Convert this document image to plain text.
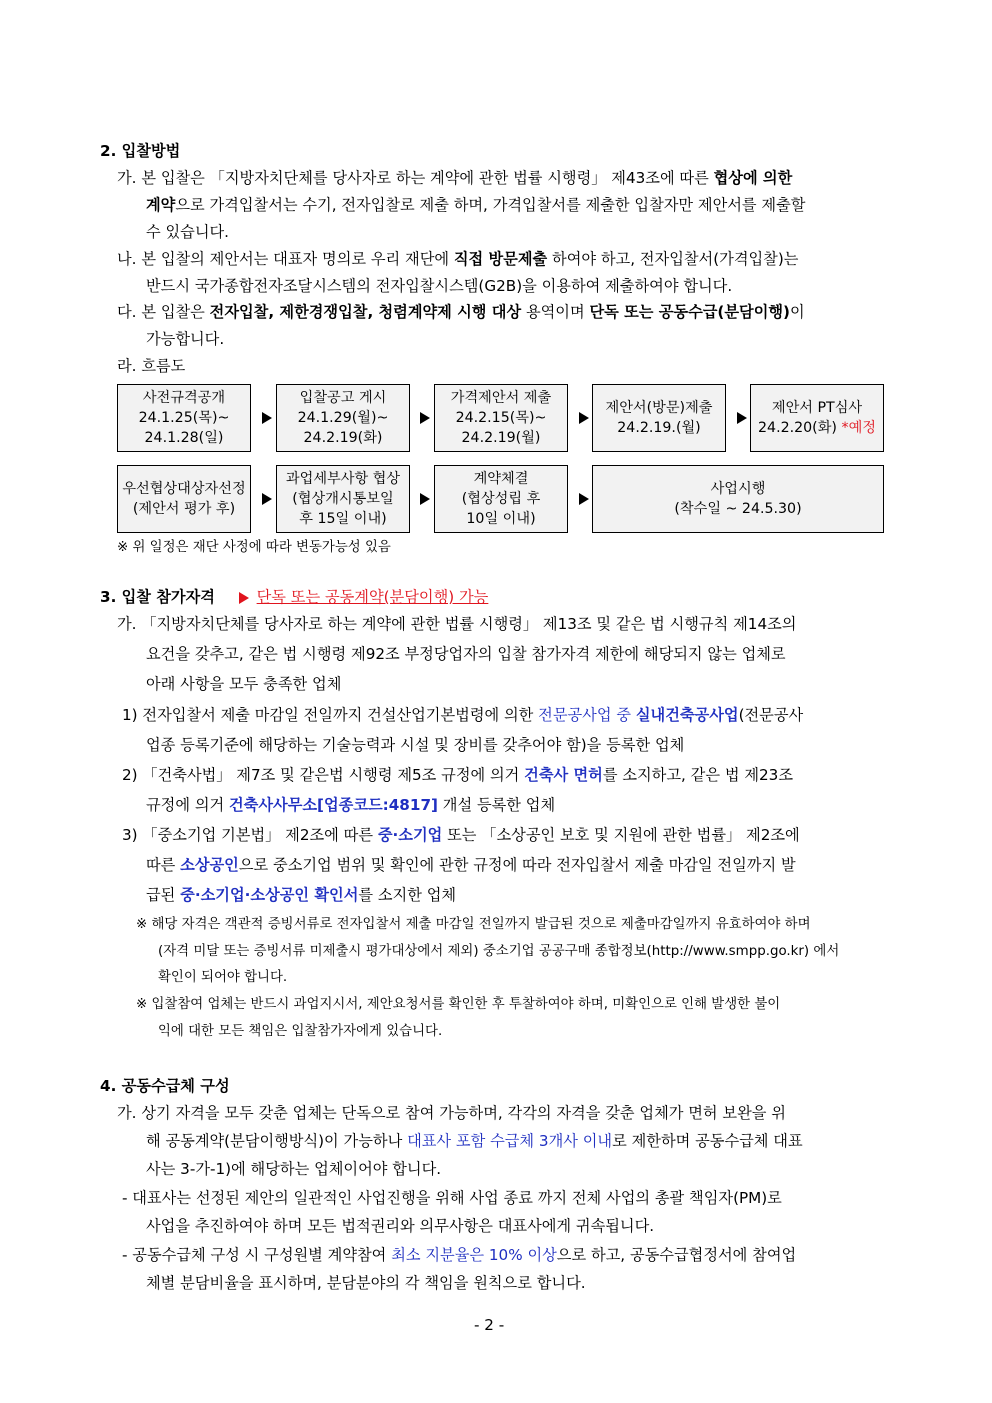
2. 입찰방법
가. 본 입찰은 「지방자치단체를 당사자로 하는 계약에 관한 법률 시행령」 제43조에 따른 협상에 의한
계약으로 가격입찰서는 수기, 전자입찰로 제출 하며, 가격입찰서를 제출한 입찰자만 제안서를 제출할
수 있습니다.
나. 본 입찰의 제안서는 대표자 명의로 우리 재단에 직접 방문제출 하여야 하고, 전자입찰서(가격입찰)는
반드시 국가종합전자조달시스템의 전자입찰시스템(G2B)을 이용하여 제출하여야 합니다.
다. 본 입찰은 전자입찰, 제한경쟁입찰, 청렴계약제 시행 대상 용역이며 단독 또는 공동수급(분담이행)이
가능합니다.
라. 흐름도
사전규격공개
24.1.25(목)~
24.1.28(일)
입찰공고 게시
24.1.29(월)~
24.2.19(화)
가격제안서 제출
24.2.15(목)~
24.2.19(월)
제안서(방문)제출
24.2.19.(월)
제안서 PT심사
24.2.20(화) *예정
우선협상대상자선정
(제안서 평가 후)
과업세부사항 협상
(협상개시통보일
후 15일 이내)
계약체결
(협상성립 후
10일 이내)
사업시행
(착수일 ~ 24.5.30)
※ 위 일정은 재단 사정에 따라 변동가능성 있음
3. 입찰 참가자격	단독 또는 공동계약(분담이행) 가능
가. 「지방자치단체를 당사자로 하는 계약에 관한 법률 시행령」 제13조 및 같은 법 시행규칙 제14조의
요건을 갖추고, 같은 법 시행령 제92조 부정당업자의 입찰 참가자격 제한에 해당되지 않는 업체로
아래 사항을 모두 충족한 업체
1) 전자입찰서 제출 마감일 전일까지 건설산업기본법령에 의한 전문공사업 중 실내건축공사업(전문공사
업종 등록기준에 해당하는 기술능력과 시설 및 장비를 갖추어야 함)을 등록한 업체
2) 「건축사법」 제7조 및 같은법 시행령 제5조 규정에 의거 건축사 면허를 소지하고, 같은 법 제23조
규정에 의거 건축사사무소[업종코드:4817] 개설 등록한 업체
3) 「중소기업 기본법」 제2조에 따른 중·소기업 또는 「소상공인 보호 및 지원에 관한 법률」 제2조에
따른 소상공인으로 중소기업 범위 및 확인에 관한 규정에 따라 전자입찰서 제출 마감일 전일까지 발
급된 중·소기업·소상공인 확인서를 소지한 업체
※ 해당 자격은 객관적 증빙서류로 전자입찰서 제출 마감일 전일까지 발급된 것으로 제출마감일까지 유효하여야 하며
(자격 미달 또는 증빙서류 미제출시 평가대상에서 제외) 중소기업 공공구매 종합정보(http://www.smpp.go.kr) 에서
확인이 되어야 합니다.
※ 입찰참여 업체는 반드시 과업지시서, 제안요청서를 확인한 후 투찰하여야 하며, 미확인으로 인해 발생한 불이
익에 대한 모든 책임은 입찰참가자에게 있습니다.
4. 공동수급체 구성
가. 상기 자격을 모두 갖춘 업체는 단독으로 참여 가능하며, 각각의 자격을 갖춘 업체가 면허 보완을 위
해 공동계약(분담이행방식)이 가능하나 대표사 포함 수급체 3개사 이내로 제한하며 공동수급체 대표
사는 3-가-1)에 해당하는 업체이어야 합니다.
- 대표사는 선정된 제안의 일관적인 사업진행을 위해 사업 종료 까지 전체 사업의 총괄 책임자(PM)로
사업을 추진하여야 하며 모든 법적권리와 의무사항은 대표사에게 귀속됩니다.
- 공동수급체 구성 시 구성원별 계약참여 최소 지분율은 10% 이상으로 하고, 공동수급협정서에 참여업
체별 분담비율을 표시하며, 분담분야의 각 책임을 원칙으로 합니다.
- 2 -
